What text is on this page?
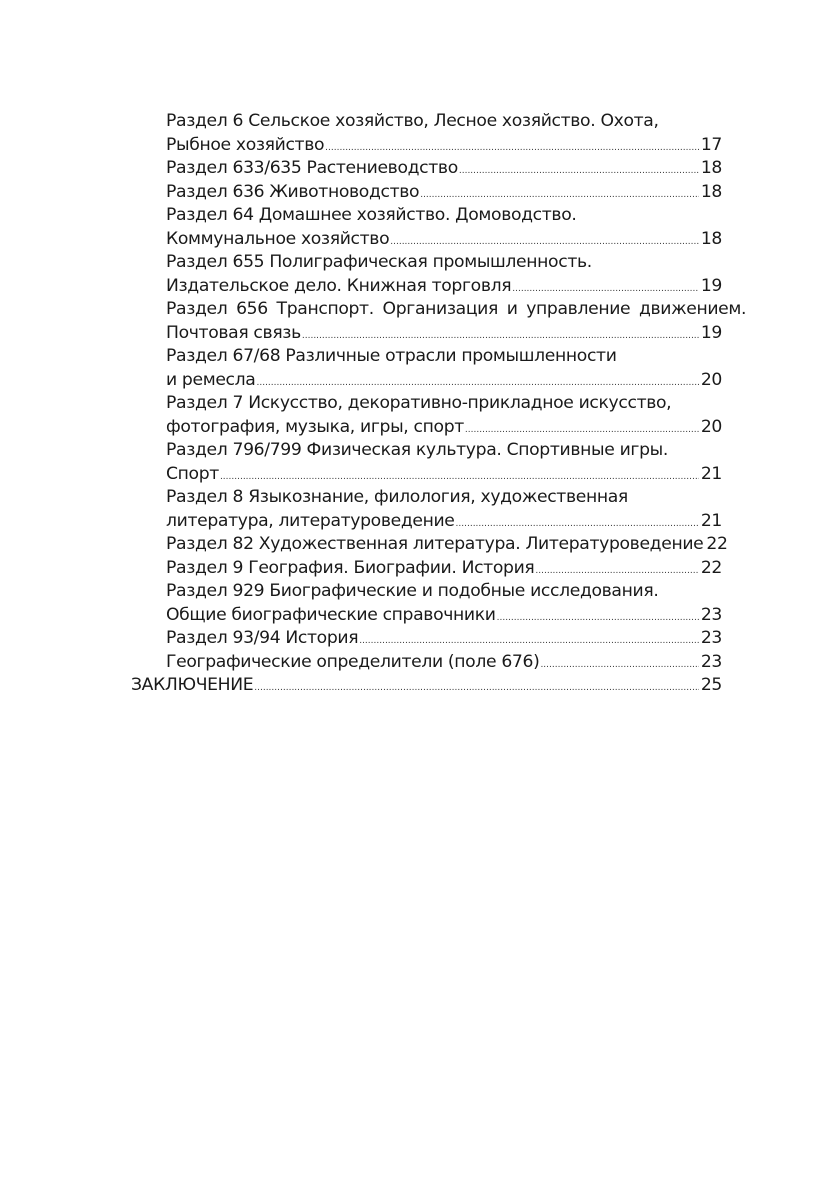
Раздел 6 Сельское хозяйство, Лесное хозяйство. Охота,
Рыбное хозяйство .....	17
Раздел 633/635 Растениеводство .....	18
Раздел 636 Животноводство .....	18
Раздел 64 Домашнее хозяйство. Домоводство.
Коммунальное хозяйство .....	18
Раздел 655 Полиграфическая промышленность.
Издательское дело. Книжная торговля .....	19
Раздел 656 Транспорт. Организация и управление движением.
Почтовая связь .....	19
Раздел 67/68 Различные отрасли промышленности
и ремесла .....	20
Раздел 7 Искусство, декоративно-прикладное искусство,
фотография, музыка, игры, спорт .....	20
Раздел 796/799 Физическая культура. Спортивные игры.
Спорт .....	21
Раздел 8 Языкознание, филология, художественная
литература, литературоведение .....	21
Раздел 82 Художественная литература. Литературоведение 22
Раздел 9 География. Биографии. История .....	22
Раздел 929 Биографические и подобные исследования.
Общие биографические справочники .....	23
Раздел 93/94 История .....	23
Географические определители (поле 676) .....	23
ЗАКЛЮЧЕНИЕ .....	25
